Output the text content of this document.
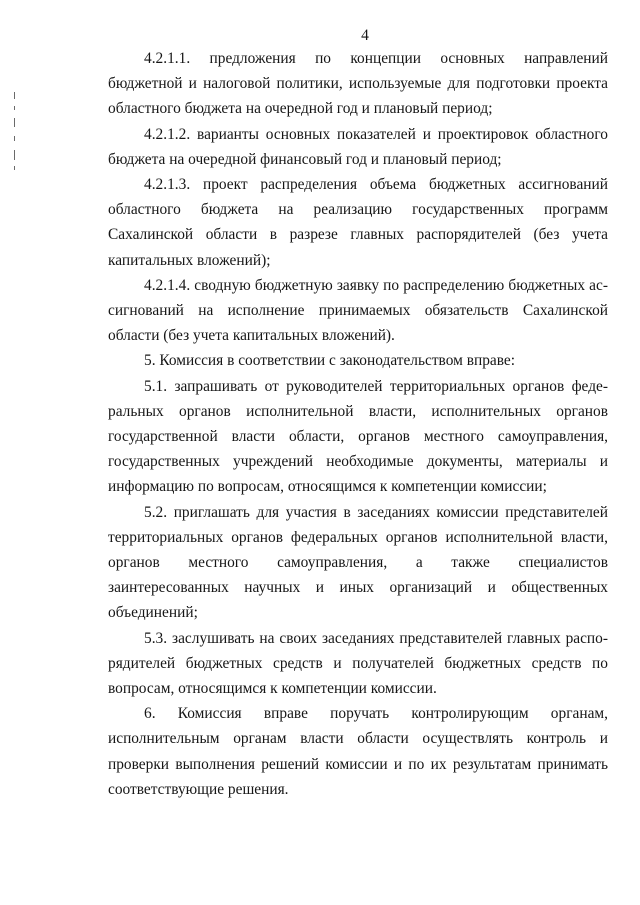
4

4.2.1.1. предложения по концепции основных направлений бюджетной и налоговой политики, используемые для подготовки проекта областного бюджета на очередной год и плановый период;

4.2.1.2. варианты основных показателей и проектировок областного бюджета на очередной финансовый год и плановый период;

4.2.1.3. проект распределения объема бюджетных ассигнований областного бюджета на реализацию государственных программ Сахалинской области в разрезе главных распорядителей (без учета капитальных вложений);

4.2.1.4. сводную бюджетную заявку по распределению бюджетных ассигнований на исполнение принимаемых обязательств Сахалинской области (без учета капитальных вложений).

5. Комиссия в соответствии с законодательством вправе:

5.1. запрашивать от руководителей территориальных органов федеральных органов исполнительной власти, исполнительных органов государственной власти области, органов местного самоуправления, государственных учреждений необходимые документы, материалы и информацию по вопросам, относящимся к компетенции комиссии;

5.2. приглашать для участия в заседаниях комиссии представителей территориальных органов федеральных органов исполнительной власти, органов местного самоуправления, а также специалистов заинтересованных научных и иных организаций и общественных объединений;

5.3. заслушивать на своих заседаниях представителей главных распорядителей бюджетных средств и получателей бюджетных средств по вопросам, относящимся к компетенции комиссии.

6. Комиссия вправе поручать контролирующим органам, исполнительным органам власти области осуществлять контроль и проверки выполнения решений комиссии и по их результатам принимать соответствующие решения.
